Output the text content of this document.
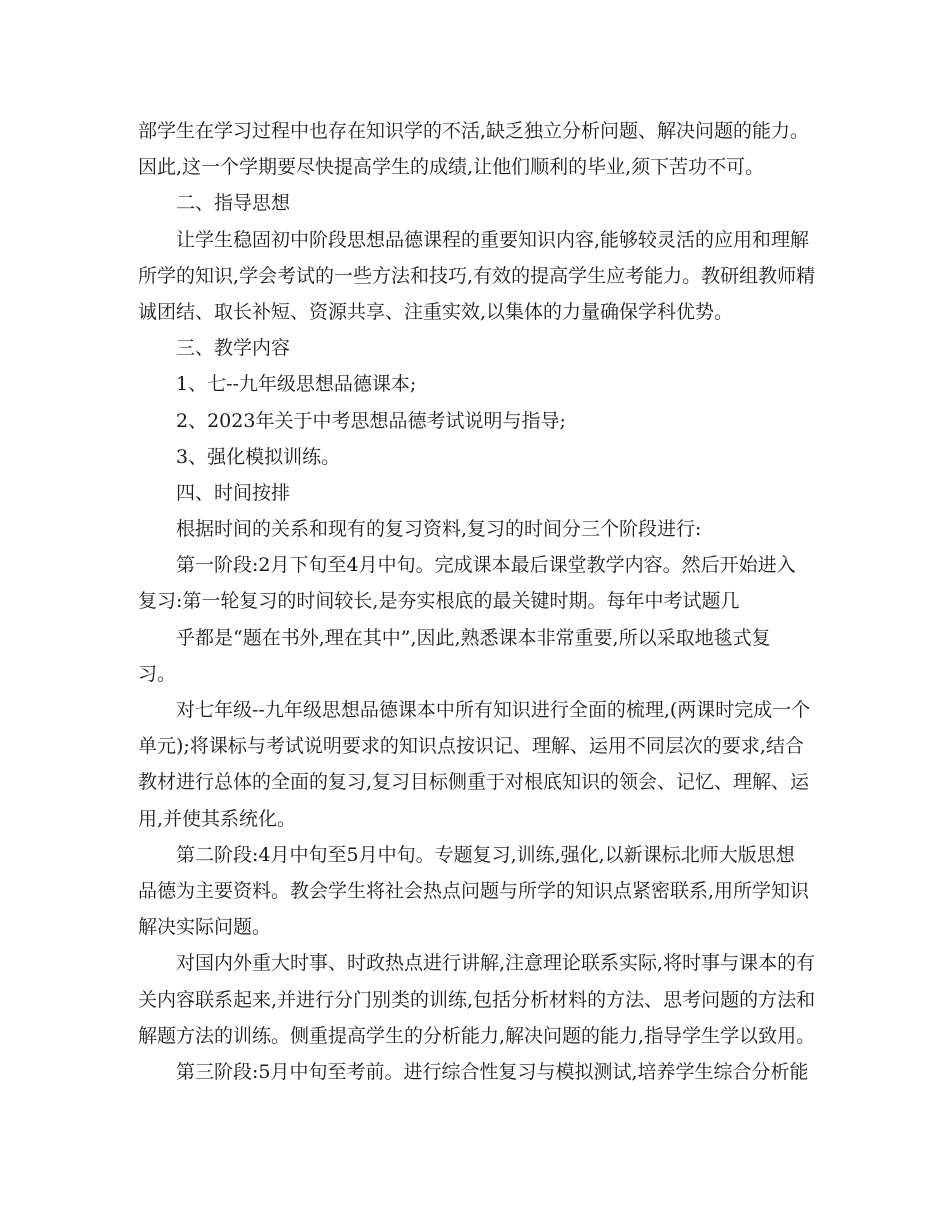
部学生在学习过程中也存在知识学的不活,缺乏独立分析问题、解决问题的能力。
因此,这一个学期要尽快提高学生的成绩,让他们顺利的毕业,须下苦功不可。
二、指导思想
让学生稳固初中阶段思想品德课程的重要知识内容,能够较灵活的应用和理解
所学的知识,学会考试的一些方法和技巧,有效的提高学生应考能力。教研组教师精
诚团结、取长补短、资源共享、注重实效,以集体的力量确保学科优势。
三、教学内容
1、七--九年级思想品德课本;
2、2023年关于中考思想品德考试说明与指导;
3、强化模拟训练。
四、时间按排
根据时间的关系和现有的复习资料,复习的时间分三个阶段进行:
第一阶段:2月下旬至4月中旬。完成课本最后课堂教学内容。然后开始进入
复习:第一轮复习的时间较长,是夯实根底的最关键时期。每年中考试题几
乎都是“题在书外,理在其中”,因此,熟悉课本非常重要,所以采取地毯式复
习。
对七年级--九年级思想品德课本中所有知识进行全面的梳理,(两课时完成一个
单元);将课标与考试说明要求的知识点按识记、理解、运用不同层次的要求,结合
教材进行总体的全面的复习,复习目标侧重于对根底知识的领会、记忆、理解、运
用,并使其系统化。
第二阶段:4月中旬至5月中旬。专题复习,训练,强化,以新课标北师大版思想
品德为主要资料。教会学生将社会热点问题与所学的知识点紧密联系,用所学知识
解决实际问题。
对国内外重大时事、时政热点进行讲解,注意理论联系实际,将时事与课本的有
关内容联系起来,并进行分门别类的训练,包括分析材料的方法、思考问题的方法和
解题方法的训练。侧重提高学生的分析能力,解决问题的能力,指导学生学以致用。
第三阶段:5月中旬至考前。进行综合性复习与模拟测试,培养学生综合分析能
